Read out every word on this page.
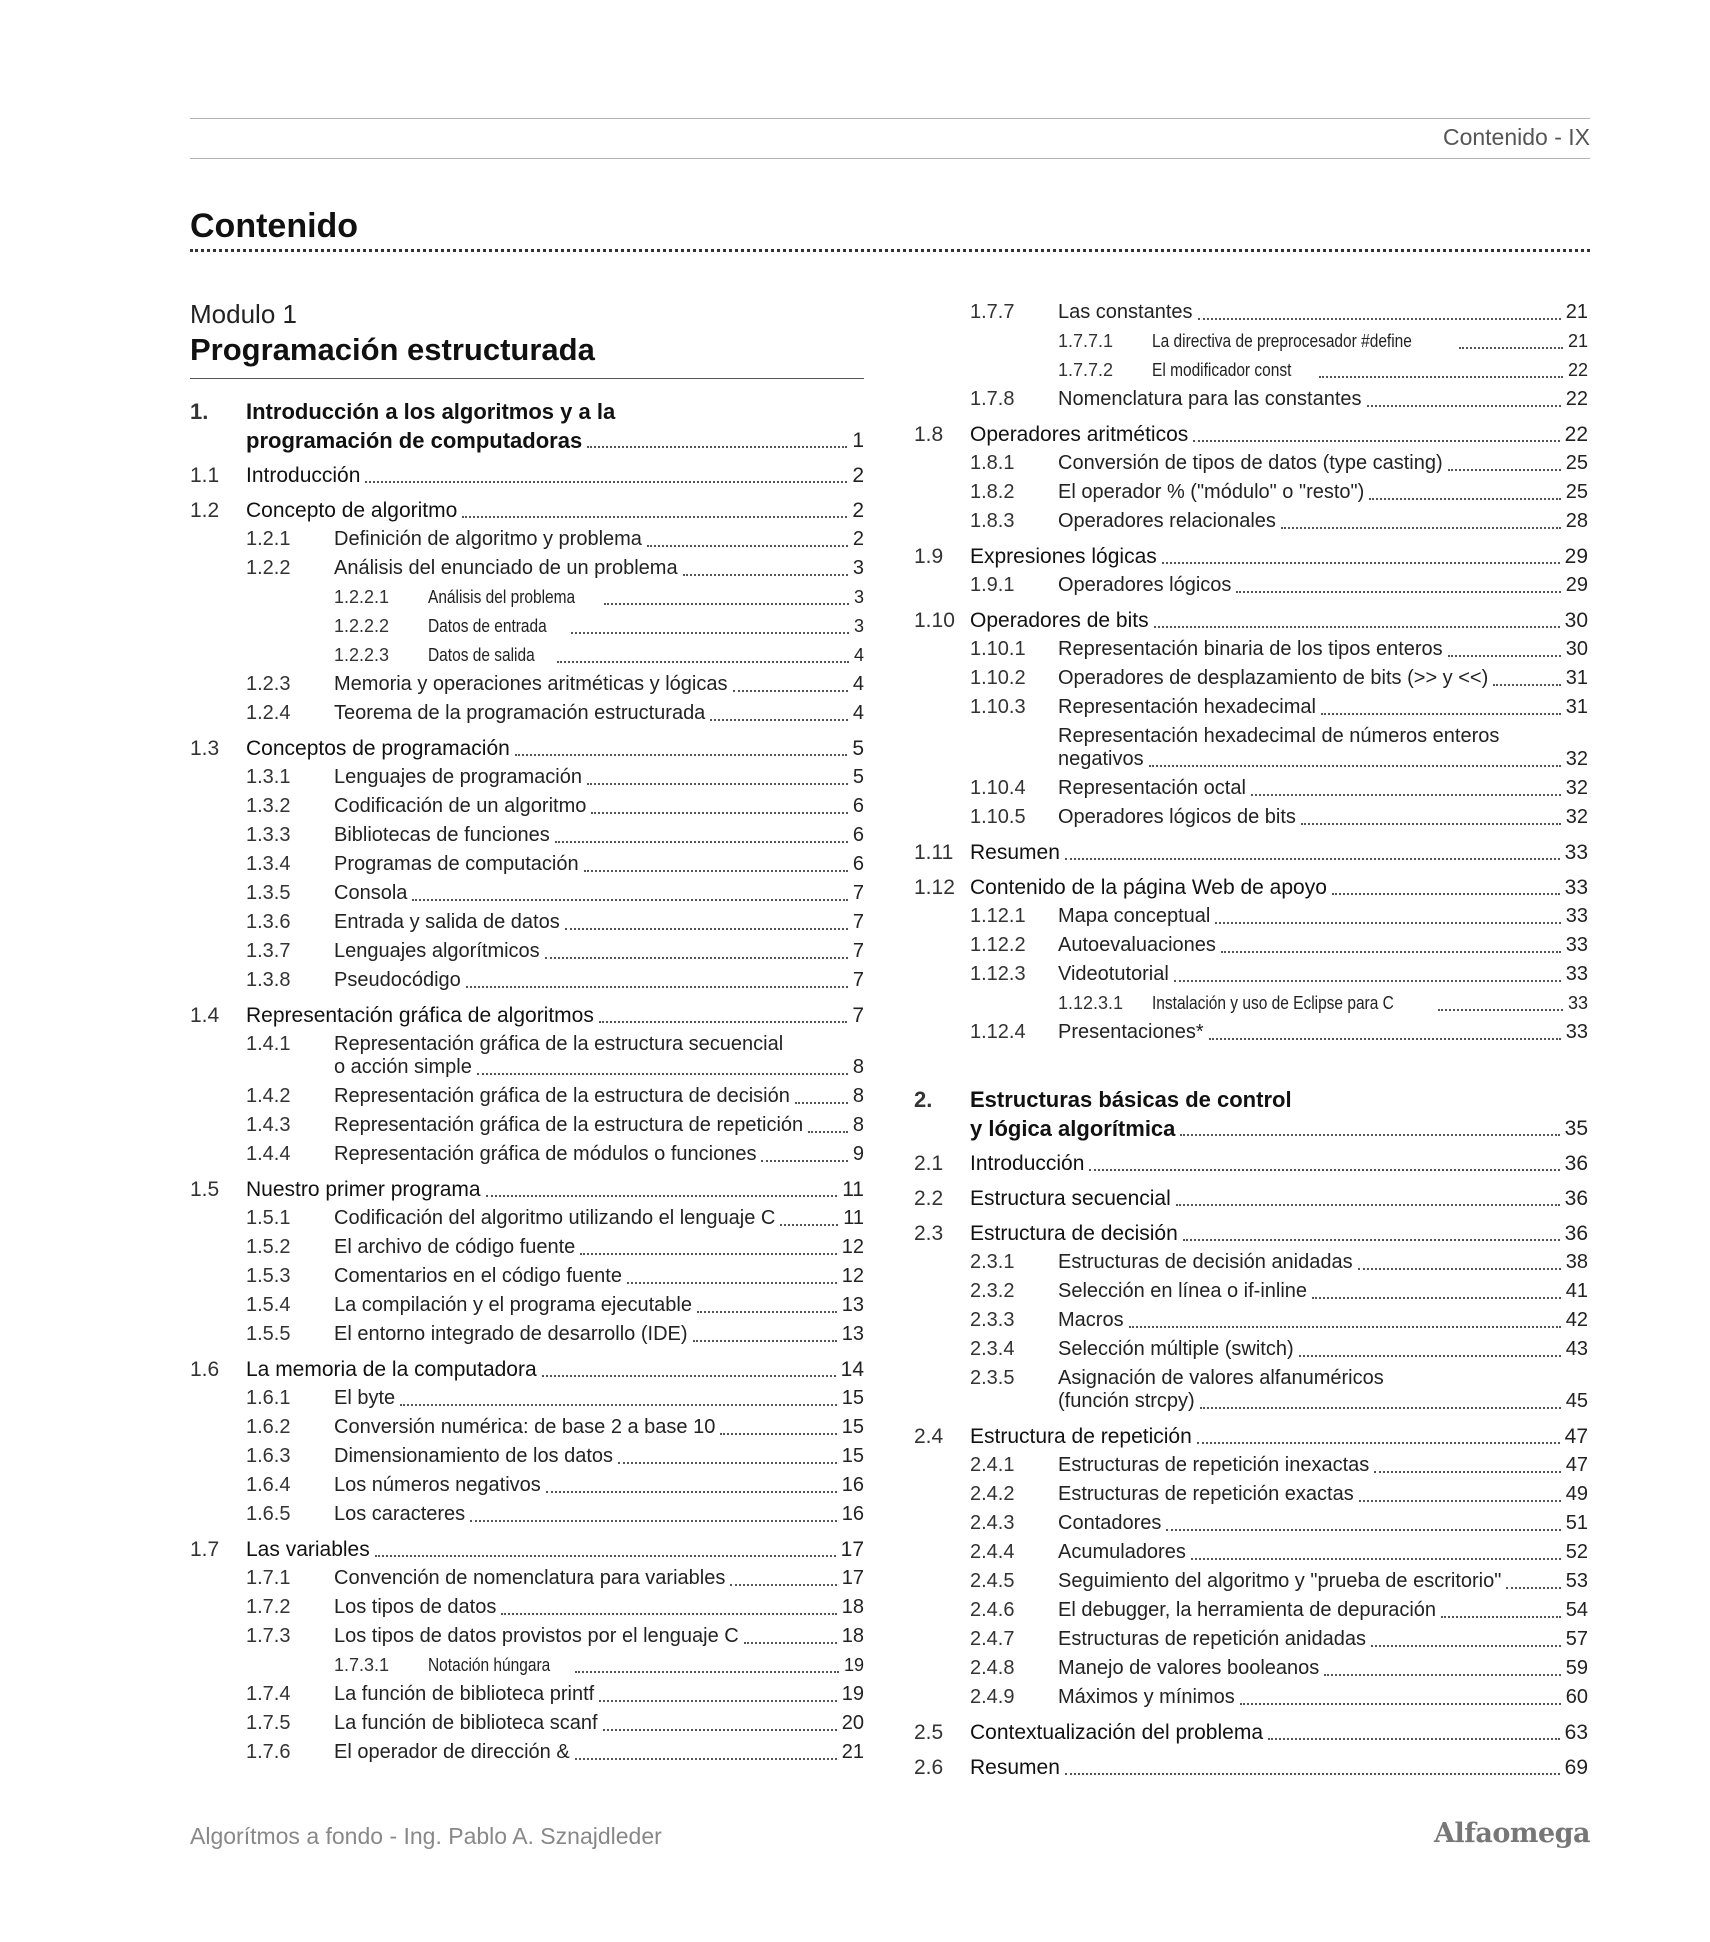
Contenido - IX
Contenido
Modulo 1
Programación estructurada
1.	Introducción a los algoritmos y a la
programación de computadoras	1
1.1	Introducción	2
1.2	Concepto de algoritmo	2
1.2.1	Definición de algoritmo y problema	2
1.2.2	Análisis del enunciado de un problema	3
1.2.2.1	Análisis del problema	3
1.2.2.2	Datos de entrada	3
1.2.2.3	Datos de salida	4
1.2.3	Memoria y operaciones aritméticas y lógicas	4
1.2.4	Teorema de la programación estructurada	4
1.3	Conceptos de programación	5
1.3.1	Lenguajes de programación	5
1.3.2	Codificación de un algoritmo	6
1.3.3	Bibliotecas de funciones	6
1.3.4	Programas de computación	6
1.3.5	Consola	7
1.3.6	Entrada y salida de datos	7
1.3.7	Lenguajes algorítmicos	7
1.3.8	Pseudocódigo	7
1.4	Representación gráfica de algoritmos	7
1.4.1	Representación gráfica de la estructura secuencial
o acción simple	8
1.4.2	Representación gráfica de la estructura de decisión	8
1.4.3	Representación gráfica de la estructura de repetición 8
1.4.4	Representación gráfica de módulos o funciones	9
1.5	Nuestro primer programa	11
1.5.1	Codificación del algoritmo utilizando el lenguaje C	11
1.5.2	El archivo de código fuente	12
1.5.3	Comentarios en el código fuente	12
1.5.4	La compilación y el programa ejecutable	13
1.5.5	El entorno integrado de desarrollo (IDE)	13
1.6	La memoria de la computadora	14
1.6.1	El byte	15
1.6.2	Conversión numérica: de base 2 a base 10	15
1.6.3	Dimensionamiento de los datos	15
1.6.4	Los números negativos	16
1.6.5	Los caracteres	16
1.7	Las variables	17
1.7.1	Convención de nomenclatura para variables	17
1.7.2	Los tipos de datos	18
1.7.3	Los tipos de datos provistos por el lenguaje C	18
1.7.3.1	Notación húngara	19
1.7.4	La función de biblioteca printf	19
1.7.5	La función de biblioteca scanf	20
1.7.6	El operador de dirección &	21
1.7.7	Las constantes	21
1.7.7.1	La directiva de preprocesador #define	21
1.7.7.2	El modificador const	22
1.7.8	Nomenclatura para las constantes	22
1.8	Operadores aritméticos	22
1.8.1	Conversión de tipos de datos (type casting)	25
1.8.2	El operador % ("módulo" o "resto")	25
1.8.3	Operadores relacionales	28
1.9	Expresiones lógicas	29
1.9.1	Operadores lógicos	29
1.10 Operadores de bits	30
1.10.1	Representación binaria de los tipos enteros	30
1.10.2	Operadores de desplazamiento de bits (>> y <<)	31
1.10.3	Representación hexadecimal	31
Representación hexadecimal de números enteros
negativos	32
1.10.4	Representación octal	32
1.10.5	Operadores lógicos de bits	32
1.11 Resumen	33
1.12 Contenido de la página Web de apoyo	33
1.12.1	Mapa conceptual	33
1.12.2	Autoevaluaciones	33
1.12.3	Videotutorial	33
1.12.3.1	Instalación y uso de Eclipse para C	33
1.12.4	Presentaciones*	33
2.	Estructuras básicas de control
y lógica algorítmica	35
2.1	Introducción	36
2.2	Estructura secuencial	36
2.3	Estructura de decisión	36
2.3.1	Estructuras de decisión anidadas	38
2.3.2	Selección en línea o if-inline	41
2.3.3	Macros	42
2.3.4	Selección múltiple (switch)	43
2.3.5	Asignación de valores alfanuméricos
(función strcpy)	45
2.4	Estructura de repetición	47
2.4.1	Estructuras de repetición inexactas	47
2.4.2	Estructuras de repetición exactas	49
2.4.3	Contadores	51
2.4.4	Acumuladores	52
2.4.5	Seguimiento del algoritmo y "prueba de escritorio"	53
2.4.6	El debugger, la herramienta de depuración	54
2.4.7	Estructuras de repetición anidadas	57
2.4.8	Manejo de valores booleanos	59
2.4.9	Máximos y mínimos	60
2.5	Contextualización del problema	63
2.6	Resumen	69
Algorítmos a fondo - Ing. Pablo A. Sznajdleder	Alfaomega
